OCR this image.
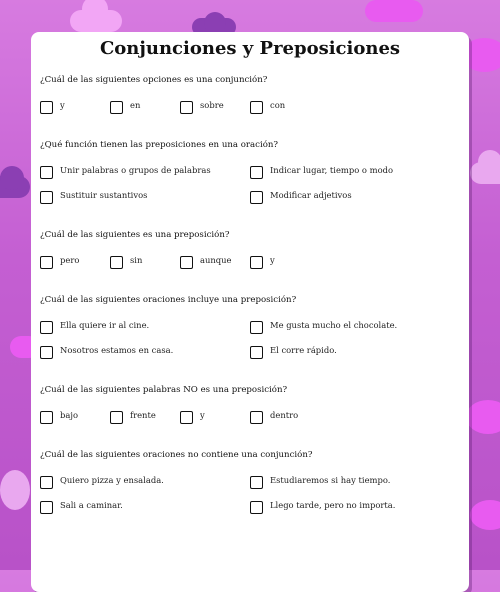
Conjunciones y Preposiciones

¿Cuál de las siguientes opciones es una conjunción?

y	en	sobre	con

¿Qué función tienen las preposiciones en una oración?

Unir palabras o grupos de palabras	Indicar lugar, tiempo o modo
Sustituir sustantivos	Modificar adjetivos

¿Cuál de las siguientes es una preposición?

pero	sin	aunque	y

¿Cuál de las siguientes oraciones incluye una preposición?

Ella quiere ir al cine.	Me gusta mucho el chocolate.
Nosotros estamos en casa.	El corre rápido.

¿Cuál de las siguientes palabras NO es una preposición?

bajo	frente	y	dentro

¿Cuál de las siguientes oraciones no contiene una conjunción?

Quiero pizza y ensalada.	Estudiaremos si hay tiempo.
Sali a caminar.	Llego tarde, pero no importa.
